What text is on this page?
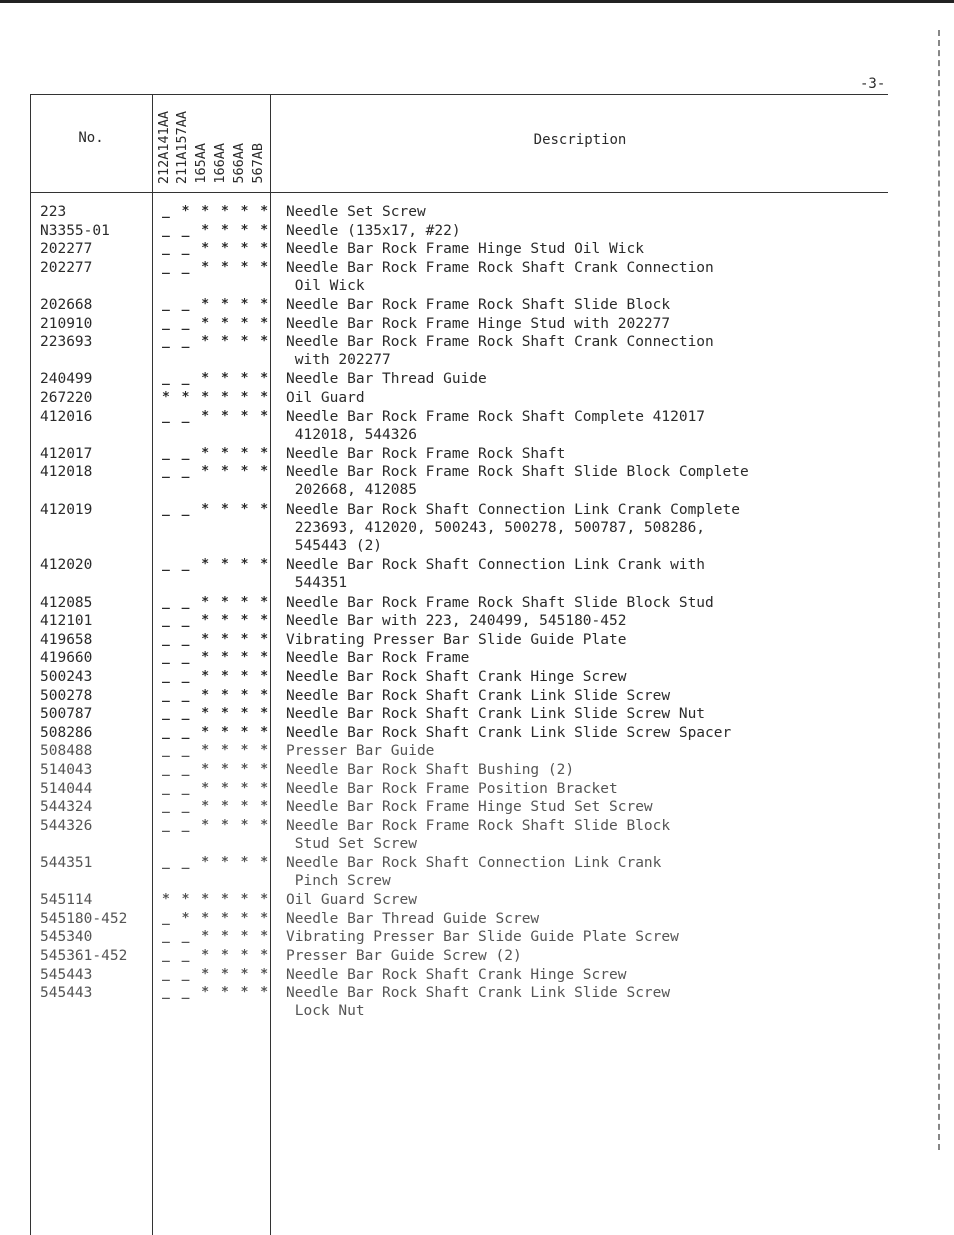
-3-
No.	212A141AA 211A157AA 165AA 166AA 566AA 567AB
Description
223	_ * * * * * Needle Set Screw
N3355-01	_ _ * * * * Needle (135x17, #22)
202277	_ _ * * * * Needle Bar Rock Frame Hinge Stud Oil Wick
202277	_ _ * * * * Needle Bar Rock Frame Rock Shaft Crank Connection
Oil Wick
202668	_ _ * * * * Needle Bar Rock Frame Rock Shaft Slide Block
210910	_ _ * * * * Needle Bar Rock Frame Hinge Stud with 202277
223693	_ _ * * * * Needle Bar Rock Frame Rock Shaft Crank Connection
with 202277
240499	_ _ * * * * Needle Bar Thread Guide
267220	* * * * * * Oil Guard
412016	_ _ * * * * Needle Bar Rock Frame Rock Shaft Complete 412017
412018, 544326
412017	_ _ * * * * Needle Bar Rock Frame Rock Shaft
412018	_ _ * * * * Needle Bar Rock Frame Rock Shaft Slide Block Complete
202668, 412085
412019	_ _ * * * * Needle Bar Rock Shaft Connection Link Crank Complete
223693, 412020, 500243, 500278, 500787, 508286,
545443 (2)
412020	_ _ * * * * Needle Bar Rock Shaft Connection Link Crank with
544351
412085	_ _ * * * * Needle Bar Rock Frame Rock Shaft Slide Block Stud
412101	_ _ * * * * Needle Bar with 223, 240499, 545180-452
419658	_ _ * * * * Vibrating Presser Bar Slide Guide Plate
419660	_ _ * * * * Needle Bar Rock Frame
500243	_ _ * * * * Needle Bar Rock Shaft Crank Hinge Screw
500278	_ _ * * * * Needle Bar Rock Shaft Crank Link Slide Screw
500787	_ _ * * * * Needle Bar Rock Shaft Crank Link Slide Screw Nut
508286	_ _ * * * * Needle Bar Rock Shaft Crank Link Slide Screw Spacer
508488	_ _ * * * * Presser Bar Guide
514043	_ _ * * * * Needle Bar Rock Shaft Bushing (2)
514044	_ _ * * * * Needle Bar Rock Frame Position Bracket
544324	_ _ * * * * Needle Bar Rock Frame Hinge Stud Set Screw
544326	_ _ * * * * Needle Bar Rock Frame Rock Shaft Slide Block
Stud Set Screw
544351	_ _ * * * * Needle Bar Rock Shaft Connection Link Crank
Pinch Screw
545114	* * * * * * Oil Guard Screw
545180-452	_ * * * * * Needle Bar Thread Guide Screw
545340	_ _ * * * * Vibrating Presser Bar Slide Guide Plate Screw
545361-452	_ _ * * * * Presser Bar Guide Screw (2)
545443	_ _ * * * * Needle Bar Rock Shaft Crank Hinge Screw
545443	_ _ * * * * Needle Bar Rock Shaft Crank Link Slide Screw
Lock Nut
